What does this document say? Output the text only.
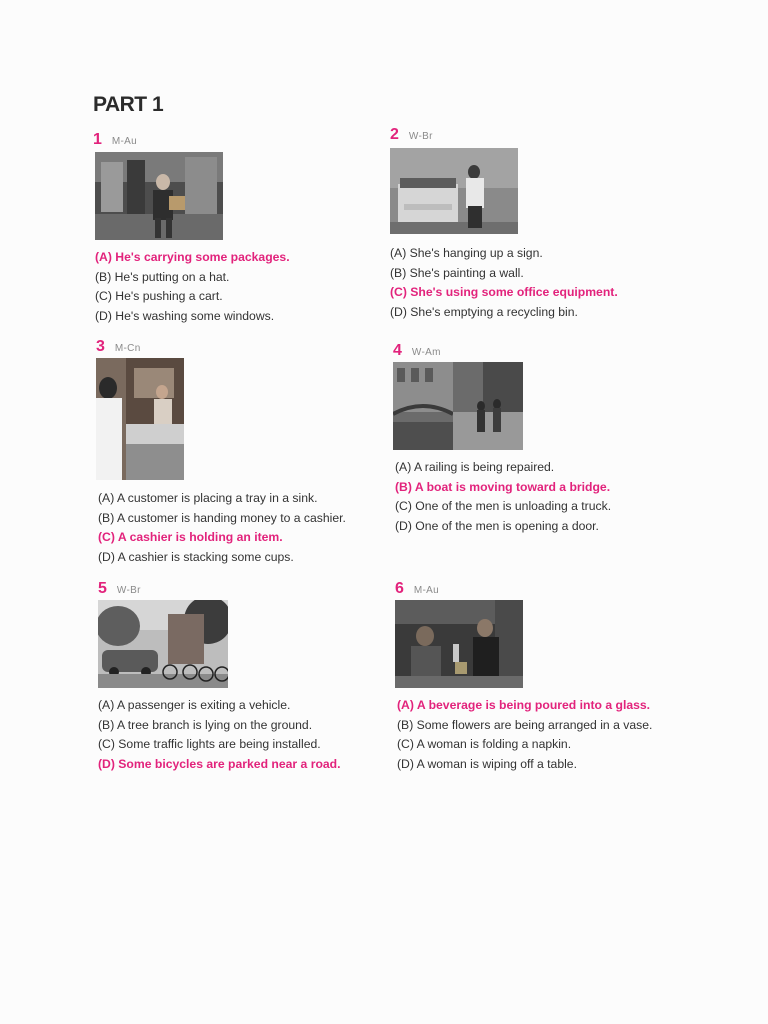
PART 1
1 M-Au
(A) He's carrying some packages.
(B) He's putting on a hat.
(C) He's pushing a cart.
(D) He's washing some windows.
2 W-Br
(A) She's hanging up a sign.
(B) She's painting a wall.
(C) She's using some office equipment.
(D) She's emptying a recycling bin.
3 M-Cn
(A) A customer is placing a tray in a sink.
(B) A customer is handing money to a cashier.
(C) A cashier is holding an item.
(D) A cashier is stacking some cups.
4 W-Am
(A) A railing is being repaired.
(B) A boat is moving toward a bridge.
(C) One of the men is unloading a truck.
(D) One of the men is opening a door.
5 W-Br
(A) A passenger is exiting a vehicle.
(B) A tree branch is lying on the ground.
(C) Some traffic lights are being installed.
(D) Some bicycles are parked near a road.
6 M-Au
(A) A beverage is being poured into a glass.
(B) Some flowers are being arranged in a vase.
(C) A woman is folding a napkin.
(D) A woman is wiping off a table.
